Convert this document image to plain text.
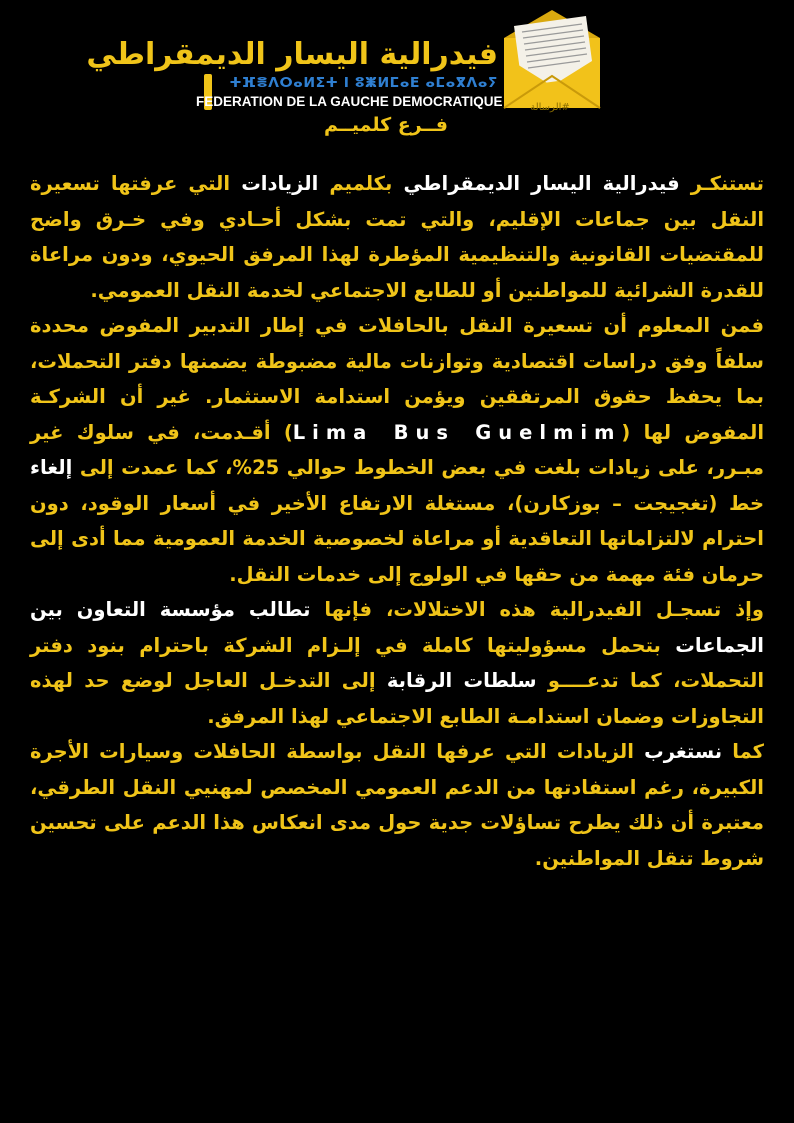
فيدرالية اليسار الديمقراطي
ⵜⴼⴻⴷⵔⴰⵍⵉⵜ ⵏ ⵓⵥⵍⵎⴰⴹ ⴰⵎⴰⴳⴷⴰⵢ
FEDERATION DE LA GAUCHE DEMOCRATIQUE
فــرع كلميــم
#الرسالة

تستنكـر فيدرالية اليسار الديمقراطي بكلميم الزيادات التي عرفتها تسعيرة النقل بين جماعات الإقليم، والتي تمت بشكل أحـادي وفي خـرق واضح للمقتضيات القانونية والتنظيمية المؤطرة لهذا المرفق الحيوي، ودون مراعاة للقدرة الشرائية للمواطنين أو للطابع الاجتماعي لخدمة النقل العمومي.

فمن المعلوم أن تسعيرة النقل بالحافلات في إطار التدبير المفوض محددة سلفاً وفق دراسات اقتصادية وتوازنات مالية مضبوطة يضمنها دفتر التحملات، بما يحفظ حقوق المرتفقين ويؤمن استدامة الاستثمار. غير أن الشركـة المفوض لها (Lima Bus Guelmim) أقـدمت، في سلوك غير مبـرر، على زيادات بلغت في بعض الخطوط حوالي 25%، كما عمدت إلى إلغاء خط (تغجيجت – بوزكارن)، مستغلة الارتفاع الأخير في أسعار الوقود، دون احترام لالتزاماتها التعاقدية أو مراعاة لخصوصية الخدمة العمومية مما أدى إلى حرمان فئة مهمة من حقها في الولوج إلى خدمات النقل.

وإذ تسجـل الفيدرالية هذه الاختلالات، فإنها تطالب مؤسسة التعاون بين الجماعات بتحمل مسؤوليتها كاملة في إلـزام الشركة باحترام بنود دفتر التحملات، كما تدعــــو سلطات الرقابة إلى التدخـل العاجل لوضع حد لهذه التجاوزات وضمان استدامـة الطابع الاجتماعي لهذا المرفق.

كما نستغرب الزيادات التي عرفها النقل بواسطة الحافلات وسيارات الأجرة الكبيرة، رغم استفادتها من الدعم العمومي المخصص لمهنيي النقل الطرقي، معتبرة أن ذلك يطرح تساؤلات جدية حول مدى انعكاس هذا الدعم على تحسين شروط تنقل المواطنين.
